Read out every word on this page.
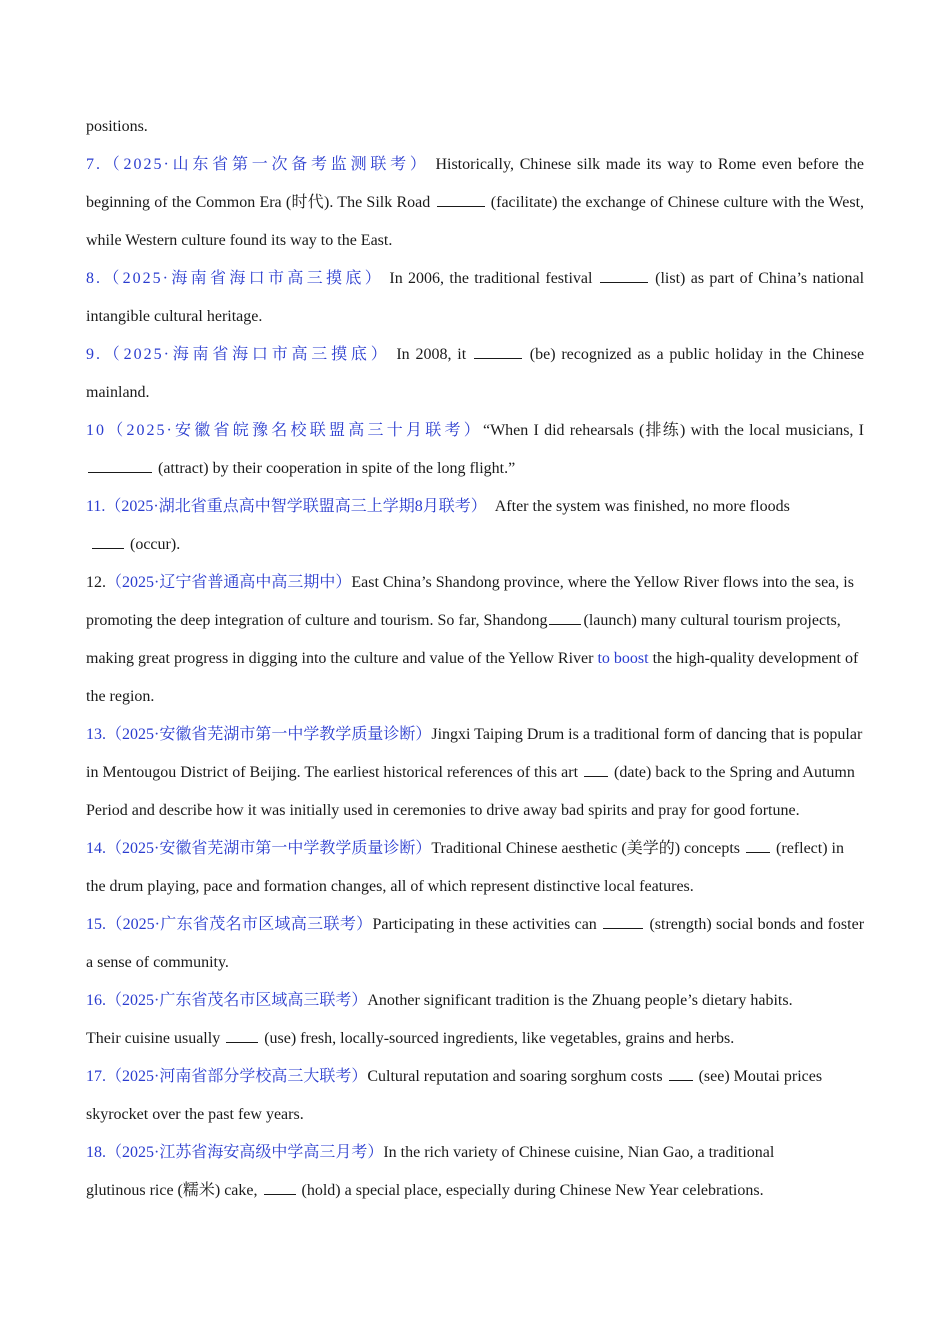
positions.

7.（2025·山东省第一次备考监测联考） Historically, Chinese silk made its way to Rome even before the beginning of the Common Era (时代). The Silk Road	(facilitate) the exchange of Chinese culture with the West, while Western culture found its way to the East.

8.（2025·海南省海口市高三摸底） In 2006, the traditional festival	(list) as part of China’s national intangible cultural heritage.

9.（2025·海南省海口市高三摸底） In 2008, it	(be) recognized as a public holiday in the Chinese mainland.

10（2025·安徽省皖豫名校联盟高三十月联考）“When I did rehearsals (排练) with the local musicians, I  (attract) by their cooperation in spite of the long flight.”

11.（2025·湖北省重点高中智学联盟高三上学期8月联考） After the system was finished, no more floods
(occur).

12.（2025·辽宁省普通高中高三期中）East China’s Shandong province, where the Yellow River flows into the sea, is promoting the deep integration of culture and tourism. So far, Shandong (launch) many cultural tourism projects, making great progress in digging into the culture and value of the Yellow River to boost the high-quality development of the region.

13.（2025·安徽省芜湖市第一中学教学质量诊断）Jingxi Taiping Drum is a traditional form of dancing that is popular in Mentougou District of Beijing. The earliest historical references of this art (date) back to the Spring and Autumn Period and describe how it was initially used in ceremonies to drive away bad spirits and pray for good fortune.

14.（2025·安徽省芜湖市第一中学教学质量诊断）Traditional Chinese aesthetic (美学的) concepts (reflect) in the drum playing, pace and formation changes, all of which represent distinctive local features.

15.（2025·广东省茂名市区域高三联考）Participating in these activities can	(strength) social bonds and foster a sense of community.

16.（2025·广东省茂名市区域高三联考）Another significant tradition is the Zhuang people’s dietary habits.
Their cuisine usually	(use) fresh, locally-sourced ingredients, like vegetables, grains and herbs.

17.（2025·河南省部分学校高三大联考）Cultural reputation and soaring sorghum costs (see) Moutai prices skyrocket over the past few years.

18.（2025·江苏省海安高级中学高三月考）In the rich variety of Chinese cuisine, Nian Gao, a traditional
glutinous rice (糯米) cake,	(hold) a special place, especially during Chinese New Year celebrations.
